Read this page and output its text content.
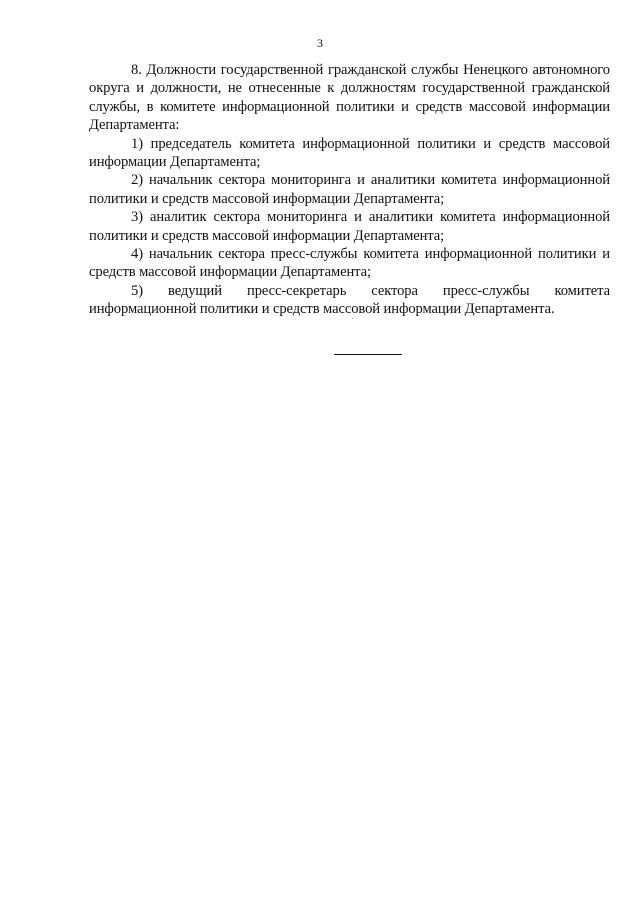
3

8. Должности государственной гражданской службы Ненецкого автономного округа и должности, не отнесенные к должностям государственной гражданской службы, в комитете информационной политики и средств массовой информации Департамента:

1) председатель комитета информационной политики и средств массовой информации Департамента;

2) начальник сектора мониторинга и аналитики комитета информационной политики и средств массовой информации Департамента;

3) аналитик сектора мониторинга и аналитики комитета информационной политики и средств массовой информации Департамента;

4) начальник сектора пресс-службы комитета информационной политики и средств массовой информации Департамента;

5) ведущий пресс-секретарь сектора пресс-службы комитета информационной политики и средств массовой информации Департамента.
